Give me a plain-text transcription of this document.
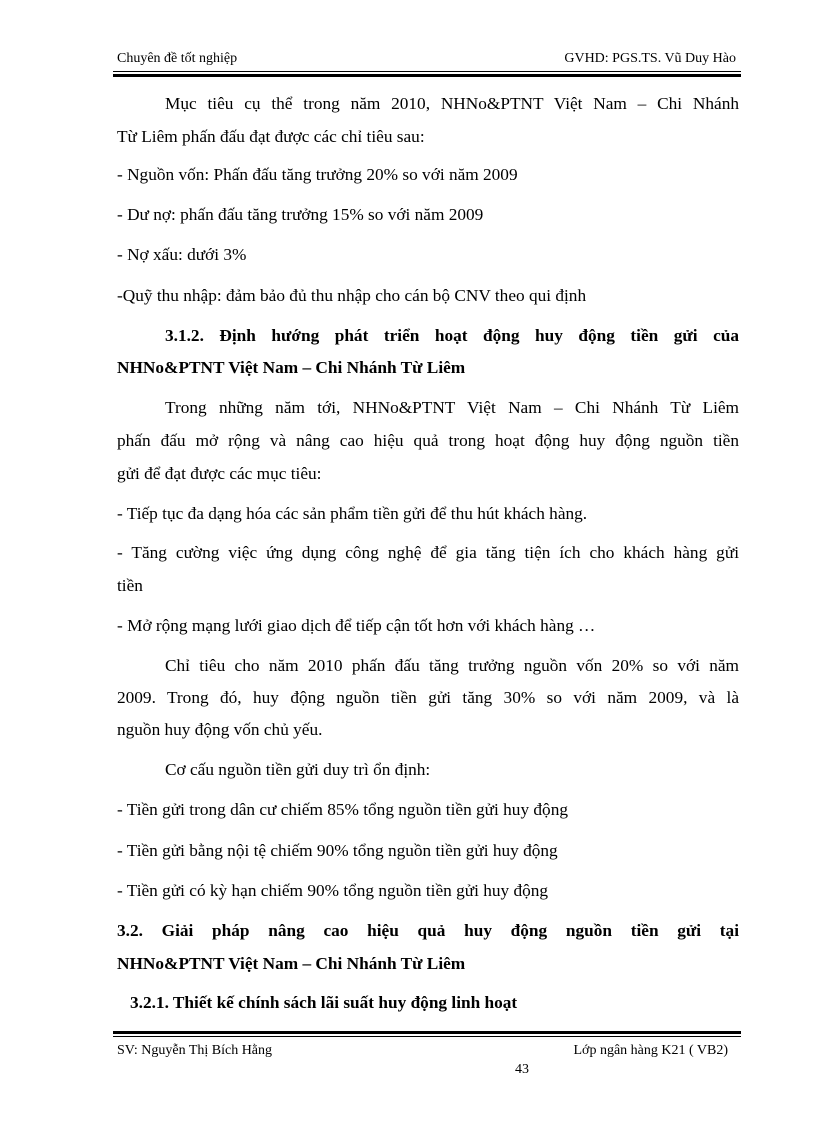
Chuyên đề tốt nghiệp	GVHD: PGS.TS. Vũ Duy Hào
Mục tiêu cụ thể trong năm 2010, NHNo&PTNT Việt Nam – Chi Nhánh
Từ Liêm phấn đấu đạt được các chỉ tiêu sau:
- Nguồn vốn: Phấn đấu tăng trưởng 20% so với năm 2009
- Dư nợ: phấn đấu tăng trưởng 15% so với năm 2009
- Nợ xấu: dưới 3%
-Quỹ thu nhập: đảm bảo đủ thu nhập cho cán bộ CNV theo qui định
3.1.2. Định hướng phát triển hoạt động huy động tiền gửi của
NHNo&PTNT Việt Nam – Chi Nhánh Từ Liêm
Trong những năm tới, NHNo&PTNT Việt Nam – Chi Nhánh Từ Liêm
phấn đấu mở rộng và nâng cao hiệu quả trong hoạt động huy động nguồn tiền
gửi để đạt được các mục tiêu:
- Tiếp tục đa dạng hóa các sản phẩm tiền gửi để thu hút khách hàng.
- Tăng cường việc ứng dụng công nghệ để gia tăng tiện ích cho khách hàng gửi
tiền
- Mở rộng mạng lưới giao dịch để tiếp cận tốt hơn với khách hàng …
Chỉ tiêu cho năm 2010 phấn đấu tăng trưởng nguồn vốn 20% so với năm
2009. Trong đó, huy động nguồn tiền gửi tăng 30% so với năm 2009, và là
nguồn huy động vốn chủ yếu.
Cơ cấu nguồn tiền gửi duy trì ổn định:
- Tiền gửi trong dân cư chiếm 85% tổng nguồn tiền gửi huy động
- Tiền gửi bằng nội tệ chiếm 90% tổng nguồn tiền gửi huy động
- Tiền gửi có kỳ hạn chiếm 90% tổng nguồn tiền gửi huy động
3.2. Giải pháp nâng cao hiệu quả huy động nguồn tiền gửi tại
NHNo&PTNT Việt Nam – Chi Nhánh Từ Liêm
3.2.1. Thiết kế chính sách lãi suất huy động linh hoạt
SV: Nguyễn Thị Bích Hằng	Lớp ngân hàng K21 ( VB2)
43
